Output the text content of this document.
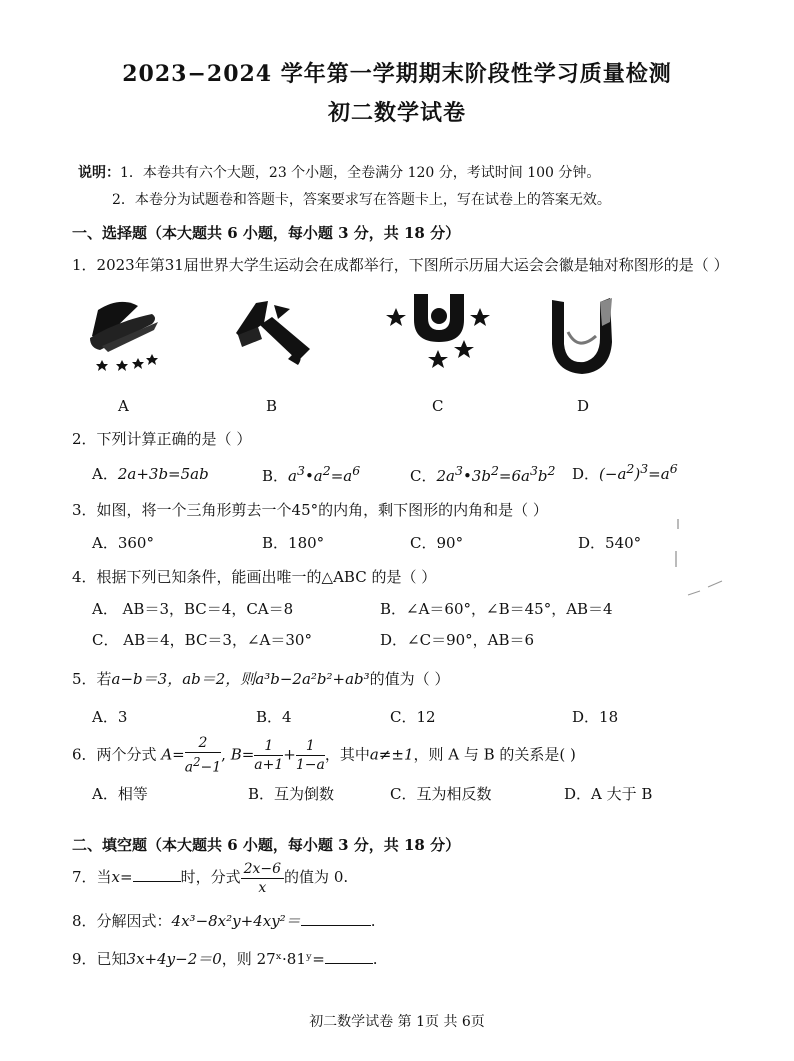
2023−2024 学年第一学期期末阶段性学习质量检测
初二数学试卷
说明：1．本卷共有六个大题，23 个小题，全卷满分 120 分，考试时间 100 分钟。
2．本卷分为试题卷和答题卡，答案要求写在答题卡上，写在试卷上的答案无效。
一、选择题（本大题共 6 小题，每小题 3 分，共 18 分）
1．2023年第31届世界大学生运动会在成都举行，下图所示历届大运会会徽是轴对称图形的是（ ）
A	B	C	D
2．下列计算正确的是（ ）
A．2a+3b=5ab	B．$a^3•a^2=a^6$	C．$2a^3•3b^2=6a^3b^2$ D．$(-a^2)^3=a^6$
3．如图，将一个三角形剪去一个45°的内角，剩下图形的内角和是（ ）
A．360°	B．180°	C．90°	D．540°
4．根据下列已知条件，能画出唯一的△ABC 的是（ ）
A． AB＝3，BC＝4，CA＝8	B．∠A＝60°，∠B＝45°，AB＝4
C． AB＝4，BC＝3，∠A＝30°	D．∠C＝90°，AB＝6
5．若a−b＝3，ab＝2，则a³b−2a²b²+ab³的值为（ ）
A．3	B．4	C．12	D．18
6．两个分式 $A= \frac{2}{a^2-1}$ , $B= \frac{1}{a+1} + \frac{1}{1-a}$ ，其中a≠±1，则 A 与 B 的关系是( )
A．相等	B．互为倒数	C．互为相反数	D．A 大于 B
二、填空题（本大题共 6 小题，每小题 3 分，共 18 分）
7．当x=	时，分式 $\frac{2x-6}{x}$ 的值为 0.
8．分解因式：4x³−8x²y+4xy²＝	.
9．已知3x+4y−2＝0，则 27ˣ·81ʸ=	.
初二数学试卷 第 1页 共 6页
